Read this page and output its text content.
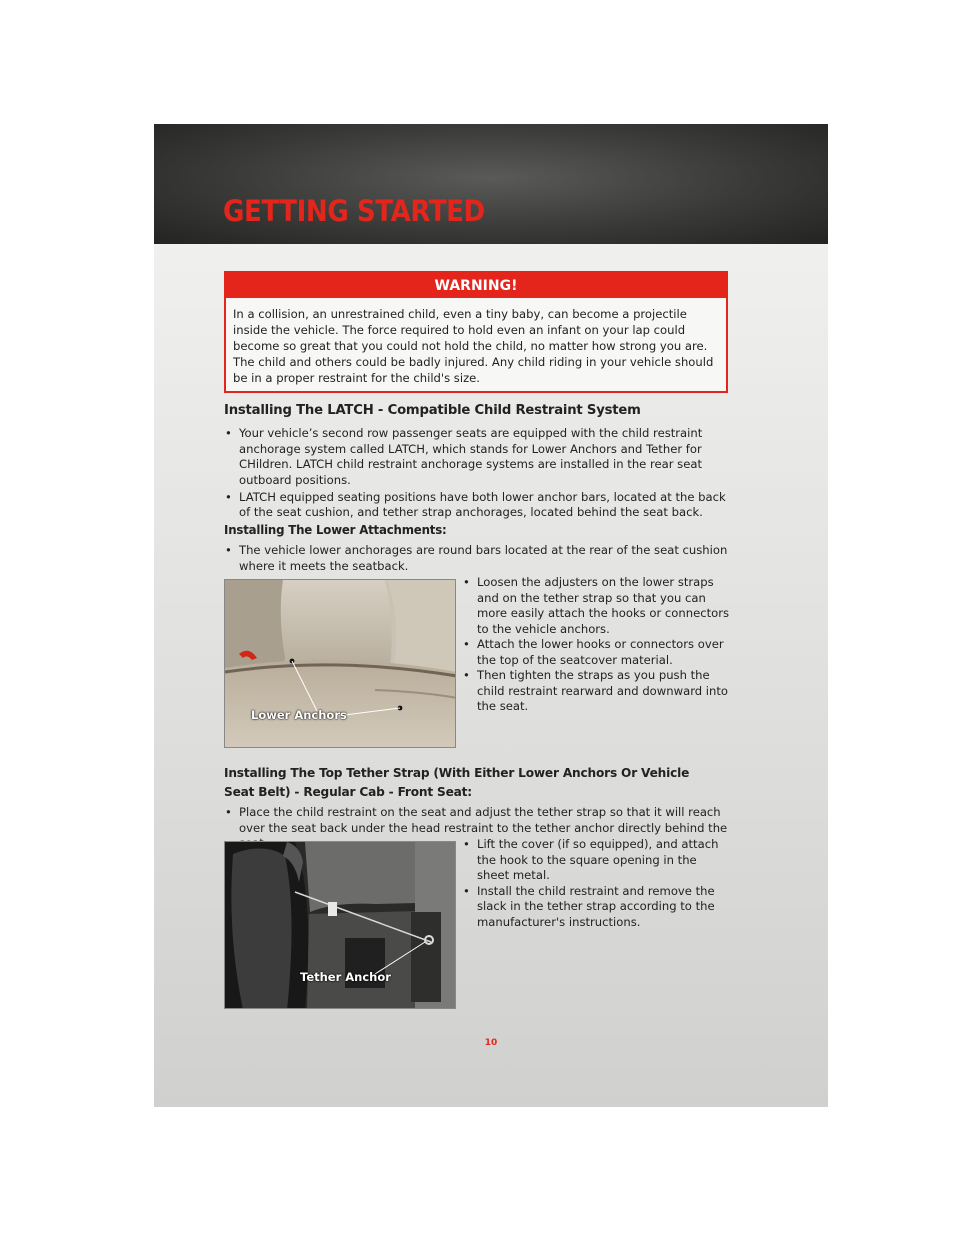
GETTING STARTED
WARNING!
In a collision, an unrestrained child, even a tiny baby, can become a projectile inside the vehicle. The force required to hold even an infant on your lap could become so great that you could not hold the child, no matter how strong you are. The child and others could be badly injured. Any child riding in your vehicle should be in a proper restraint for the child's size.
Installing The LATCH - Compatible Child Restraint System
• Your vehicle’s second row passenger seats are equipped with the child restraint anchorage system called LATCH, which stands for Lower Anchors and Tether for CHildren. LATCH child restraint anchorage systems are installed in the rear seat outboard positions.
• LATCH equipped seating positions have both lower anchor bars, located at the back of the seat cushion, and tether strap anchorages, located behind the seat back.
Installing The Lower Attachments:
• The vehicle lower anchorages are round bars located at the rear of the seat cushion where it meets the seatback.
Lower Anchors
• Loosen the adjusters on the lower straps and on the tether strap so that you can more easily attach the hooks or connectors to the vehicle anchors.
• Attach the lower hooks or connectors over the top of the seatcover material.
• Then tighten the straps as you push the child restraint rearward and downward into the seat.
Installing The Top Tether Strap (With Either Lower Anchors Or Vehicle Seat Belt) - Regular Cab - Front Seat:
• Place the child restraint on the seat and adjust the tether strap so that it will reach over the seat back under the head restraint to the tether anchor directly behind the
Tether Anchor
• Lift the cover (if so equipped), and attach the hook to the square opening in the sheet metal.
• Install the child restraint and remove the slack in the tether strap according to the manufacturer's instructions.
10
